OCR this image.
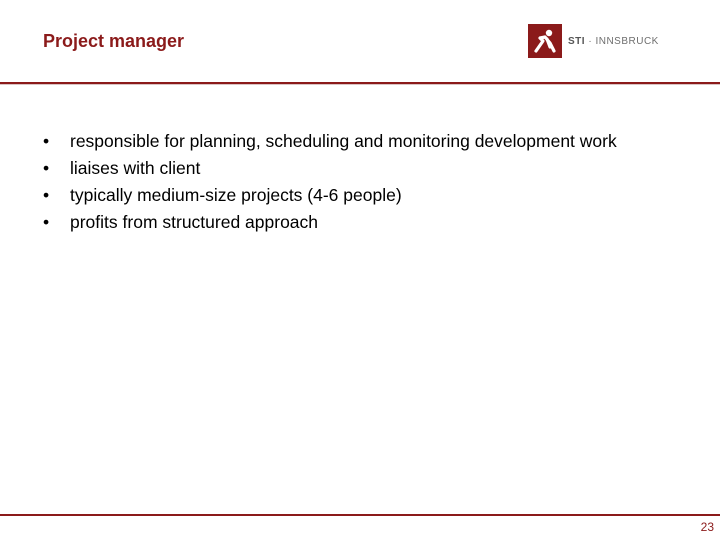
Project manager	STI · INNSBRUCK
•	responsible for planning, scheduling and monitoring development work
•	liaises with client
•	typically medium-size projects (4-6 people)
•	profits from structured approach
23
